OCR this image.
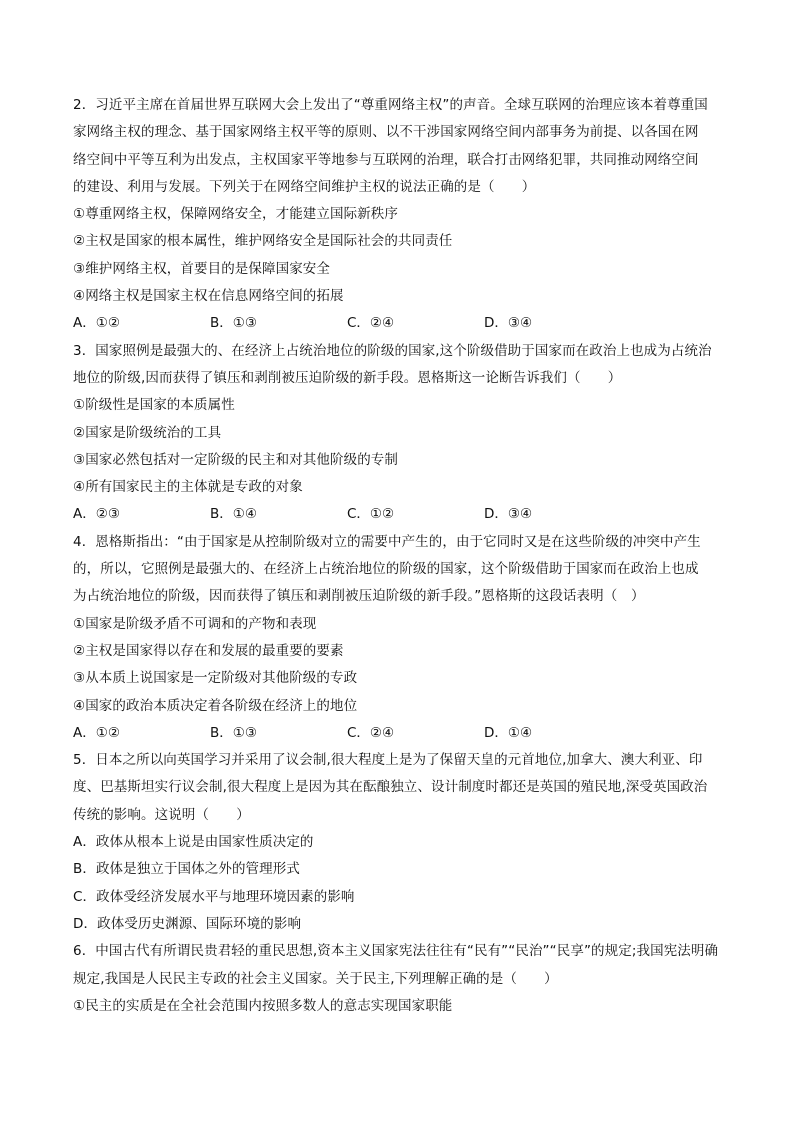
2．习近平主席在首届世界互联网大会上发出了“尊重网络主权”的声音。全球互联网的治理应该本着尊重国
家网络主权的理念、基于国家网络主权平等的原则、以不干涉国家网络空间内部事务为前提、以各国在网
络空间中平等互利为出发点，主权国家平等地参与互联网的治理，联合打击网络犯罪，共同推动网络空间
的建设、利用与发展。下列关于在网络空间维护主权的说法正确的是（　　）
①尊重网络主权，保障网络安全，才能建立国际新秩序
②主权是国家的根本属性，维护网络安全是国际社会的共同责任
③维护网络主权，首要目的是保障国家安全
④网络主权是国家主权在信息网络空间的拓展
A．①②	B．①③	C．②④	D．③④
3．国家照例是最强大的、在经济上占统治地位的阶级的国家,这个阶级借助于国家而在政治上也成为占统治
地位的阶级,因而获得了镇压和剥削被压迫阶级的新手段。恩格斯这一论断告诉我们（　　）
①阶级性是国家的本质属性
②国家是阶级统治的工具
③国家必然包括对一定阶级的民主和对其他阶级的专制
④所有国家民主的主体就是专政的对象
A．②③	B．①④	C．①②	D．③④
4．恩格斯指出：“由于国家是从控制阶级对立的需要中产生的，由于它同时又是在这些阶级的冲突中产生
的，所以，它照例是最强大的、在经济上占统治地位的阶级的国家，这个阶级借助于国家而在政治上也成
为占统治地位的阶级，因而获得了镇压和剥削被压迫阶级的新手段。”恩格斯的这段话表明（　）
①国家是阶级矛盾不可调和的产物和表现
②主权是国家得以存在和发展的最重要的要素
③从本质上说国家是一定阶级对其他阶级的专政
④国家的政治本质决定着各阶级在经济上的地位
A．①②	B．①③	C．②④	D．①④
5．日本之所以向英国学习并采用了议会制,很大程度上是为了保留天皇的元首地位,加拿大、澳大利亚、印
度、巴基斯坦实行议会制,很大程度上是因为其在酝酿独立、设计制度时都还是英国的殖民地,深受英国政治
传统的影响。这说明（　　）
A．政体从根本上说是由国家性质决定的
B．政体是独立于国体之外的管理形式
C．政体受经济发展水平与地理环境因素的影响
D．政体受历史渊源、国际环境的影响
6．中国古代有所谓民贵君轻的重民思想,资本主义国家宪法往往有“民有”“民治”“民享”的规定;我国宪法明确
规定,我国是人民民主专政的社会主义国家。关于民主,下列理解正确的是（　　）
①民主的实质是在全社会范围内按照多数人的意志实现国家职能
